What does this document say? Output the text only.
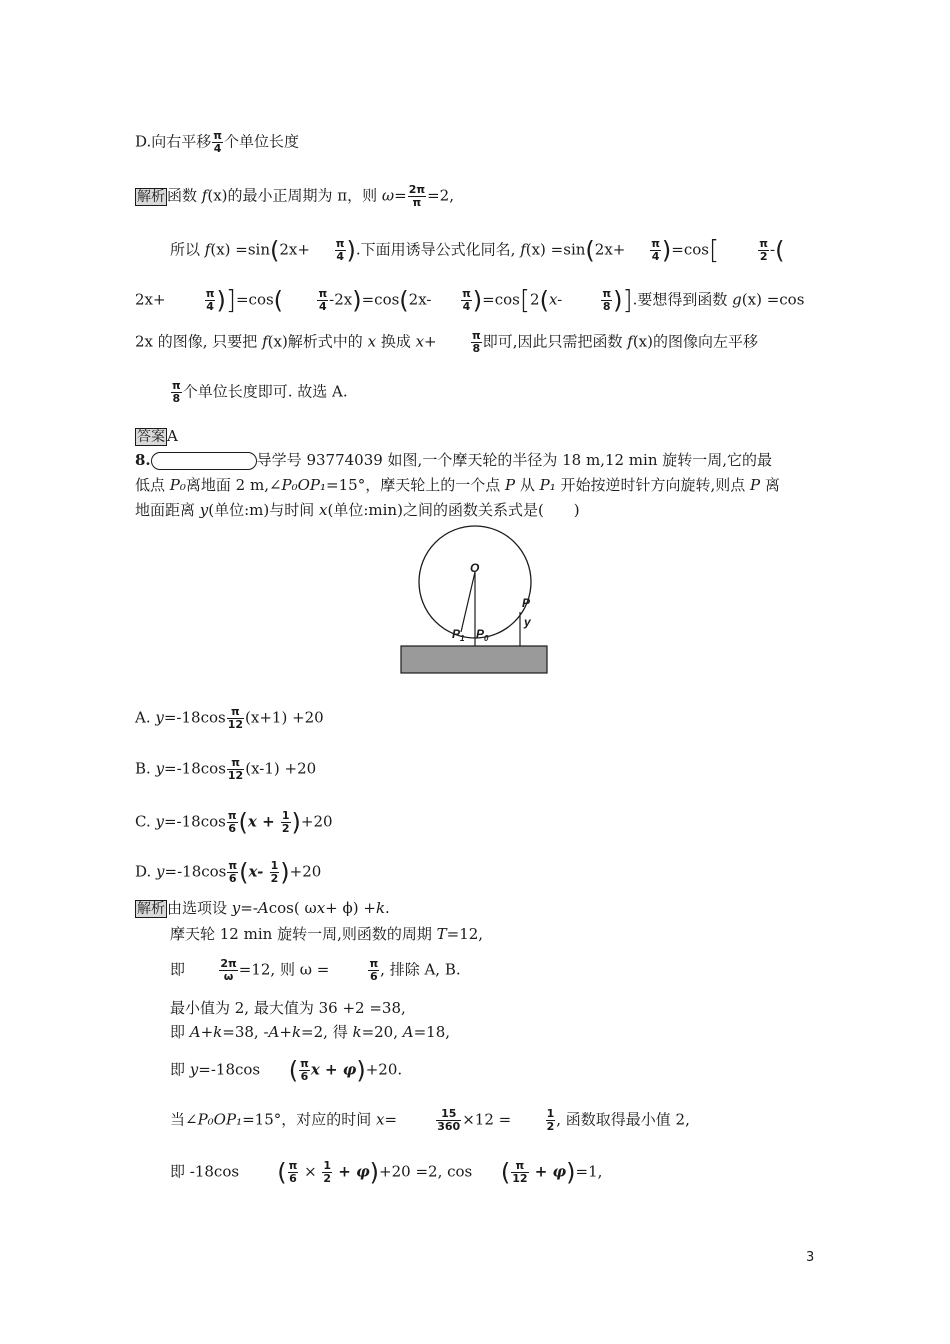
D.向右平移 $\frac{\pi}{4}$ 个单位长度
解析 函数 f(x)的最小正周期为 π，则 $\omega= \frac{2\pi}{\pi} =2$,
所以 $f(x) =\sin(2x+ \frac{\pi}{4}$ ).下面用诱导公式化同名, $f(x) =\sin(2x+ \frac{\pi}{4} )=\cos$[	$\frac{\pi}{2}$ -(
2x+	$\frac{\pi}{4} )]=\cos$(	$\frac{\pi}{4} -2x)=\cos(2x-$	$\frac{\pi}{4} )=\cos[2(x-$	$\frac{\pi}{8}$ )].要想得到函数 g(x) =cos
2x 的图像, 只要把 f(x)解析式中的 x 换成 x+	$\frac{\pi}{8}$ 即可,因此只需把函数 f(x)的图像向左平移
$\frac{\pi}{8}$ 个单位长度即可. 故选 A.
答案 A
8.	导学号 93774039 如图,一个摩天轮的半径为 18 m,12 min 旋转一周,它的最
低点 P₀离地面 2 m,∠P₀OP₁=15°，摩天轮上的一个点 P 从 P₁ 开始按逆时针方向旋转,则点 P 离
地面距离 y(单位:m)与时间 x(单位:min)之间的函数关系式是(　　)
O
P
y
$P_1$ $P_0$
A. $y=-18\cos \frac{\pi}{12} (x+1) +20$
B. $y=-18\cos \frac{\pi}{12} (x-1) +20$
C. $y=-18\cos \frac{\pi}{6} (x + \frac{1}{2} )+20$
D. $y=-18\cos \frac{\pi}{6} (x- \frac{1}{2} )+20$
解析 由选项设 y=-Acos( ωx+ ϕ) +k.
摩天轮 12 min 旋转一周,则函数的周期 T=12,
即	$\frac{2\pi}{\omega} =12$, 则 ω =	$\frac{\pi}{6}$ , 排除 A, B.
最小值为 2, 最大值为 36 +2 =38,
即 A+k=38, -A+k=2, 得 k=20, A=18,
即 y=-18cos ( $\frac{\pi}{6}$ x + φ)+20.
当∠P₀OP₁=15°，对应的时间 x=	$\frac{15}{360} \times 12$ =	$\frac{1}{2}$ , 函数取得最小值 2,
即 -18cos ( $\frac{\pi}{6} \times \frac{1}{2} + \varphi)+20 =2$, cos ( $\frac{\pi}{12} + \varphi)=1$,
3
